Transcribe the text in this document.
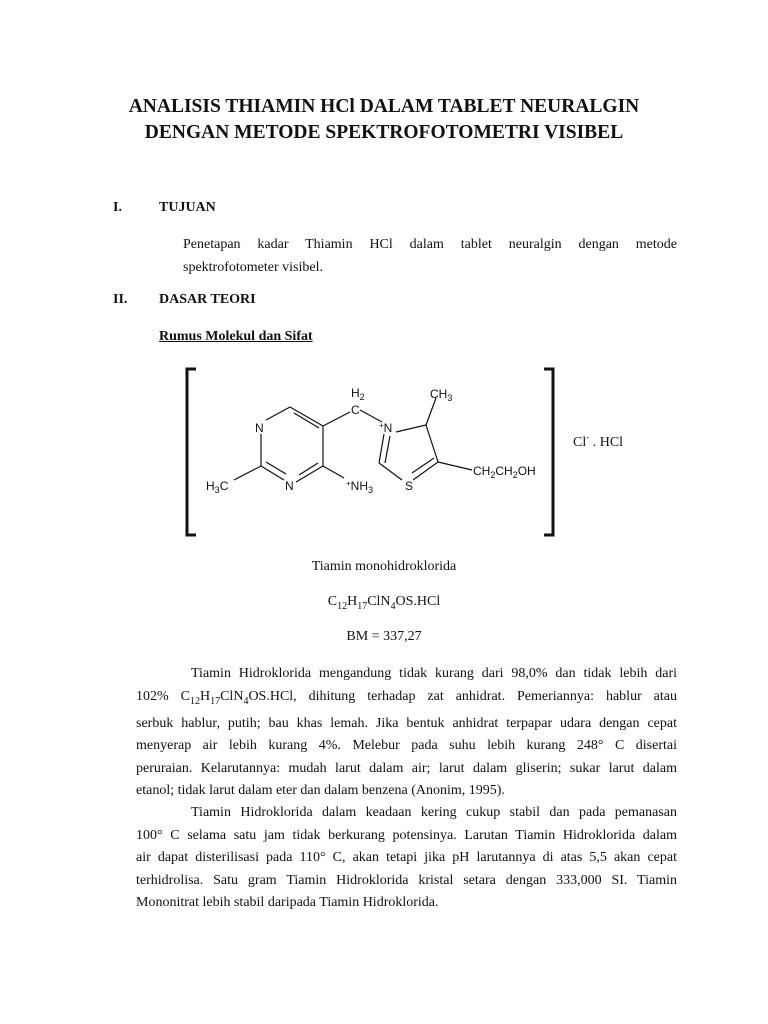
ANALISIS THIAMIN HCl DALAM TABLET NEURALGIN
DENGAN METODE SPEKTROFOTOMETRI VISIBEL
I.	TUJUAN
Penetapan kadar Thiamin HCl dalam tablet neuralgin dengan metode
spektrofotometer visibel.
II. DASAR TEORI
Rumus Molekul dan Sifat
$H_2$
C
$CH_3$
N	+N
$H_3C$	N	$^+NH_3$	S
$CH_2CH_2OH$
Cl- . HCl
Tiamin monohidroklorida
$C_{12}H_{17}ClN_4OS.HCl$
BM = 337,27
Tiamin Hidroklorida mengandung tidak kurang dari 98,0% dan tidak lebih dari
102% $C_{12}H_{17}ClN_4OS.HCl$, dihitung terhadap zat anhidrat. Pemeriannya: hablur atau
serbuk hablur, putih; bau khas lemah. Jika bentuk anhidrat terpapar udara dengan cepat
menyerap air lebih kurang 4%. Melebur pada suhu lebih kurang 248° C disertai
peruraian. Kelarutannya: mudah larut dalam air; larut dalam gliserin; sukar larut dalam
etanol; tidak larut dalam eter dan dalam benzena (Anonim, 1995).
Tiamin Hidroklorida dalam keadaan kering cukup stabil dan pada pemanasan
100° C selama satu jam tidak berkurang potensinya. Larutan Tiamin Hidroklorida dalam
air dapat disterilisasi pada 110° C, akan tetapi jika pH larutannya di atas 5,5 akan cepat
terhidrolisa. Satu gram Tiamin Hidroklorida kristal setara dengan 333,000 SI. Tiamin
Mononitrat lebih stabil daripada Tiamin Hidroklorida.
